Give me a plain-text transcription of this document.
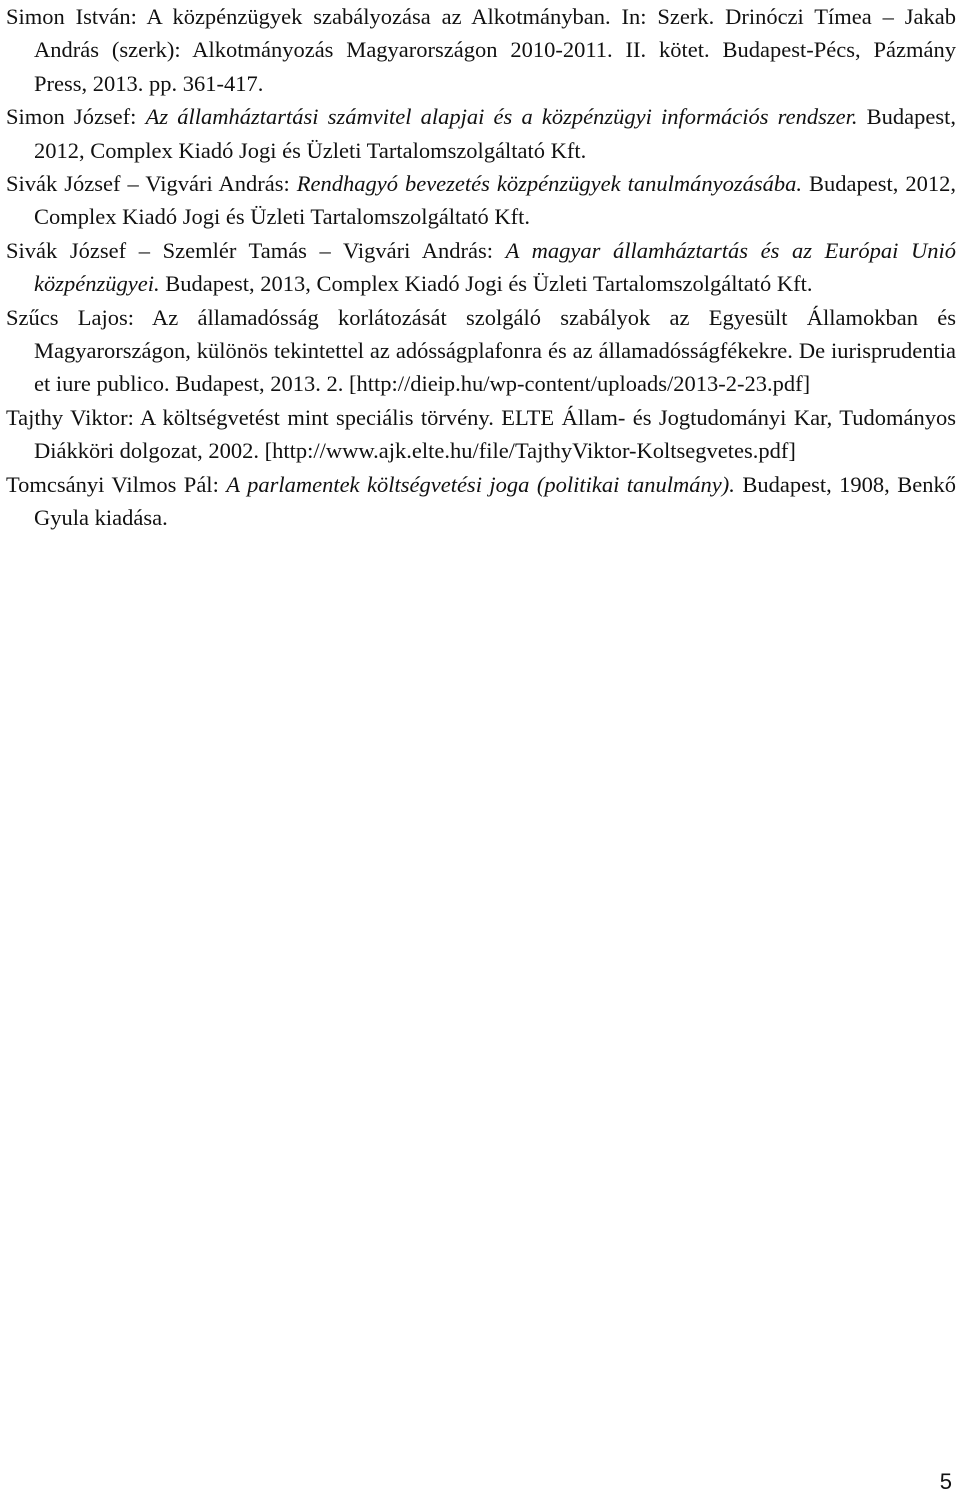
Simon István: A közpénzügyek szabályozása az Alkotmányban. In: Szerk. Drinóczi Tímea – Jakab András (szerk): Alkotmányozás Magyarországon 2010-2011. II. kötet. Budapest-Pécs, Pázmány Press, 2013. pp. 361-417.
Simon József: Az államháztartási számvitel alapjai és a közpénzügyi információs rendszer. Budapest, 2012, Complex Kiadó Jogi és Üzleti Tartalomszolgáltató Kft.
Sivák József – Vigvári András: Rendhagyó bevezetés közpénzügyek tanulmányozásába. Budapest, 2012, Complex Kiadó Jogi és Üzleti Tartalomszolgáltató Kft.
Sivák József – Szemlér Tamás – Vigvári András: A magyar államháztartás és az Európai Unió közpénzügyei. Budapest, 2013, Complex Kiadó Jogi és Üzleti Tartalomszolgáltató Kft.
Szűcs Lajos: Az államadósság korlátozását szolgáló szabályok az Egyesült Államokban és Magyarországon, különös tekintettel az adósságplafonra és az államadósságfékekre. De iurisprudentia et iure publico. Budapest, 2013. 2. [http://dieip.hu/wp-content/uploads/2013-2-23.pdf]
Tajthy Viktor: A költségvetést mint speciális törvény. ELTE Állam- és Jogtudományi Kar, Tudományos Diákköri dolgozat, 2002. [http://www.ajk.elte.hu/file/TajthyViktor-Koltsegvetes.pdf]
Tomcsányi Vilmos Pál: A parlamentek költségvetési joga (politikai tanulmány). Budapest, 1908, Benkő Gyula kiadása.
5
